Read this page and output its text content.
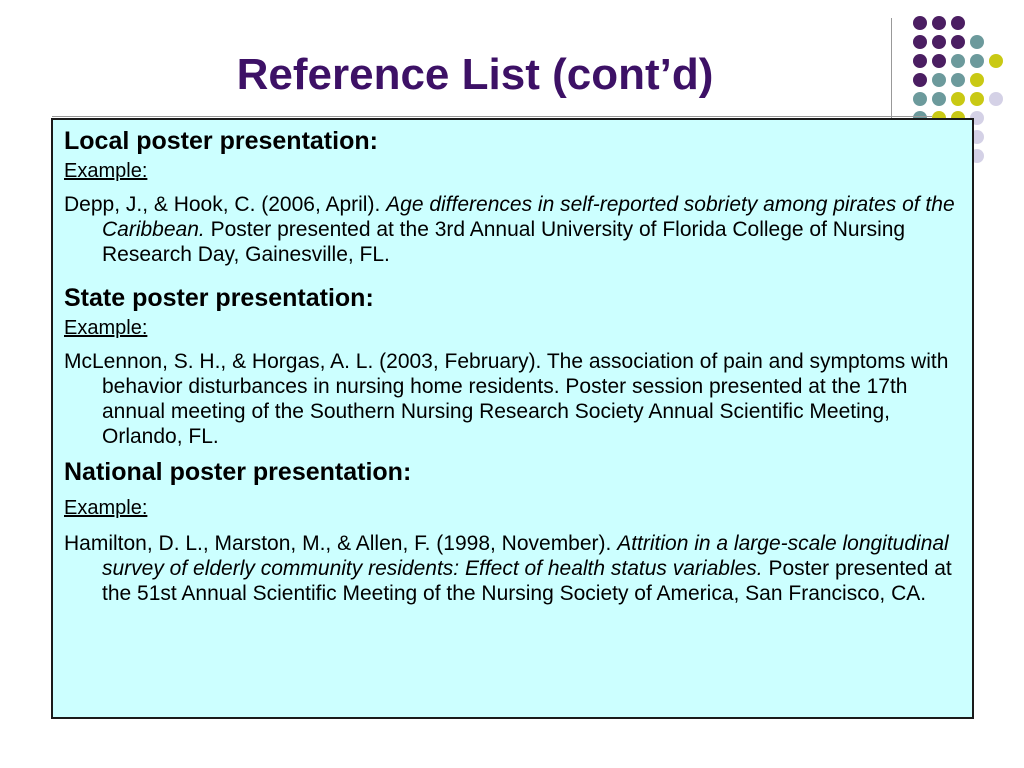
Reference List (cont’d)

Local poster presentation:

Example:

Depp, J., & Hook, C. (2006, April). Age differences in self-reported sobriety among pirates of the Caribbean. Poster presented at the 3rd Annual University of Florida College of Nursing Research Day, Gainesville, FL.

State poster presentation:

Example:

McLennon, S. H., & Horgas, A. L. (2003, February). The association of pain and symptoms with behavior disturbances in nursing home residents. Poster session presented at the 17th annual meeting of the Southern Nursing Research Society Annual Scientific Meeting, Orlando, FL.

National poster presentation:

Example:

Hamilton, D. L., Marston, M., & Allen, F. (1998, November). Attrition in a large-scale longitudinal survey of elderly community residents: Effect of health status variables. Poster presented at the 51st Annual Scientific Meeting of the Nursing Society of America, San Francisco, CA.
